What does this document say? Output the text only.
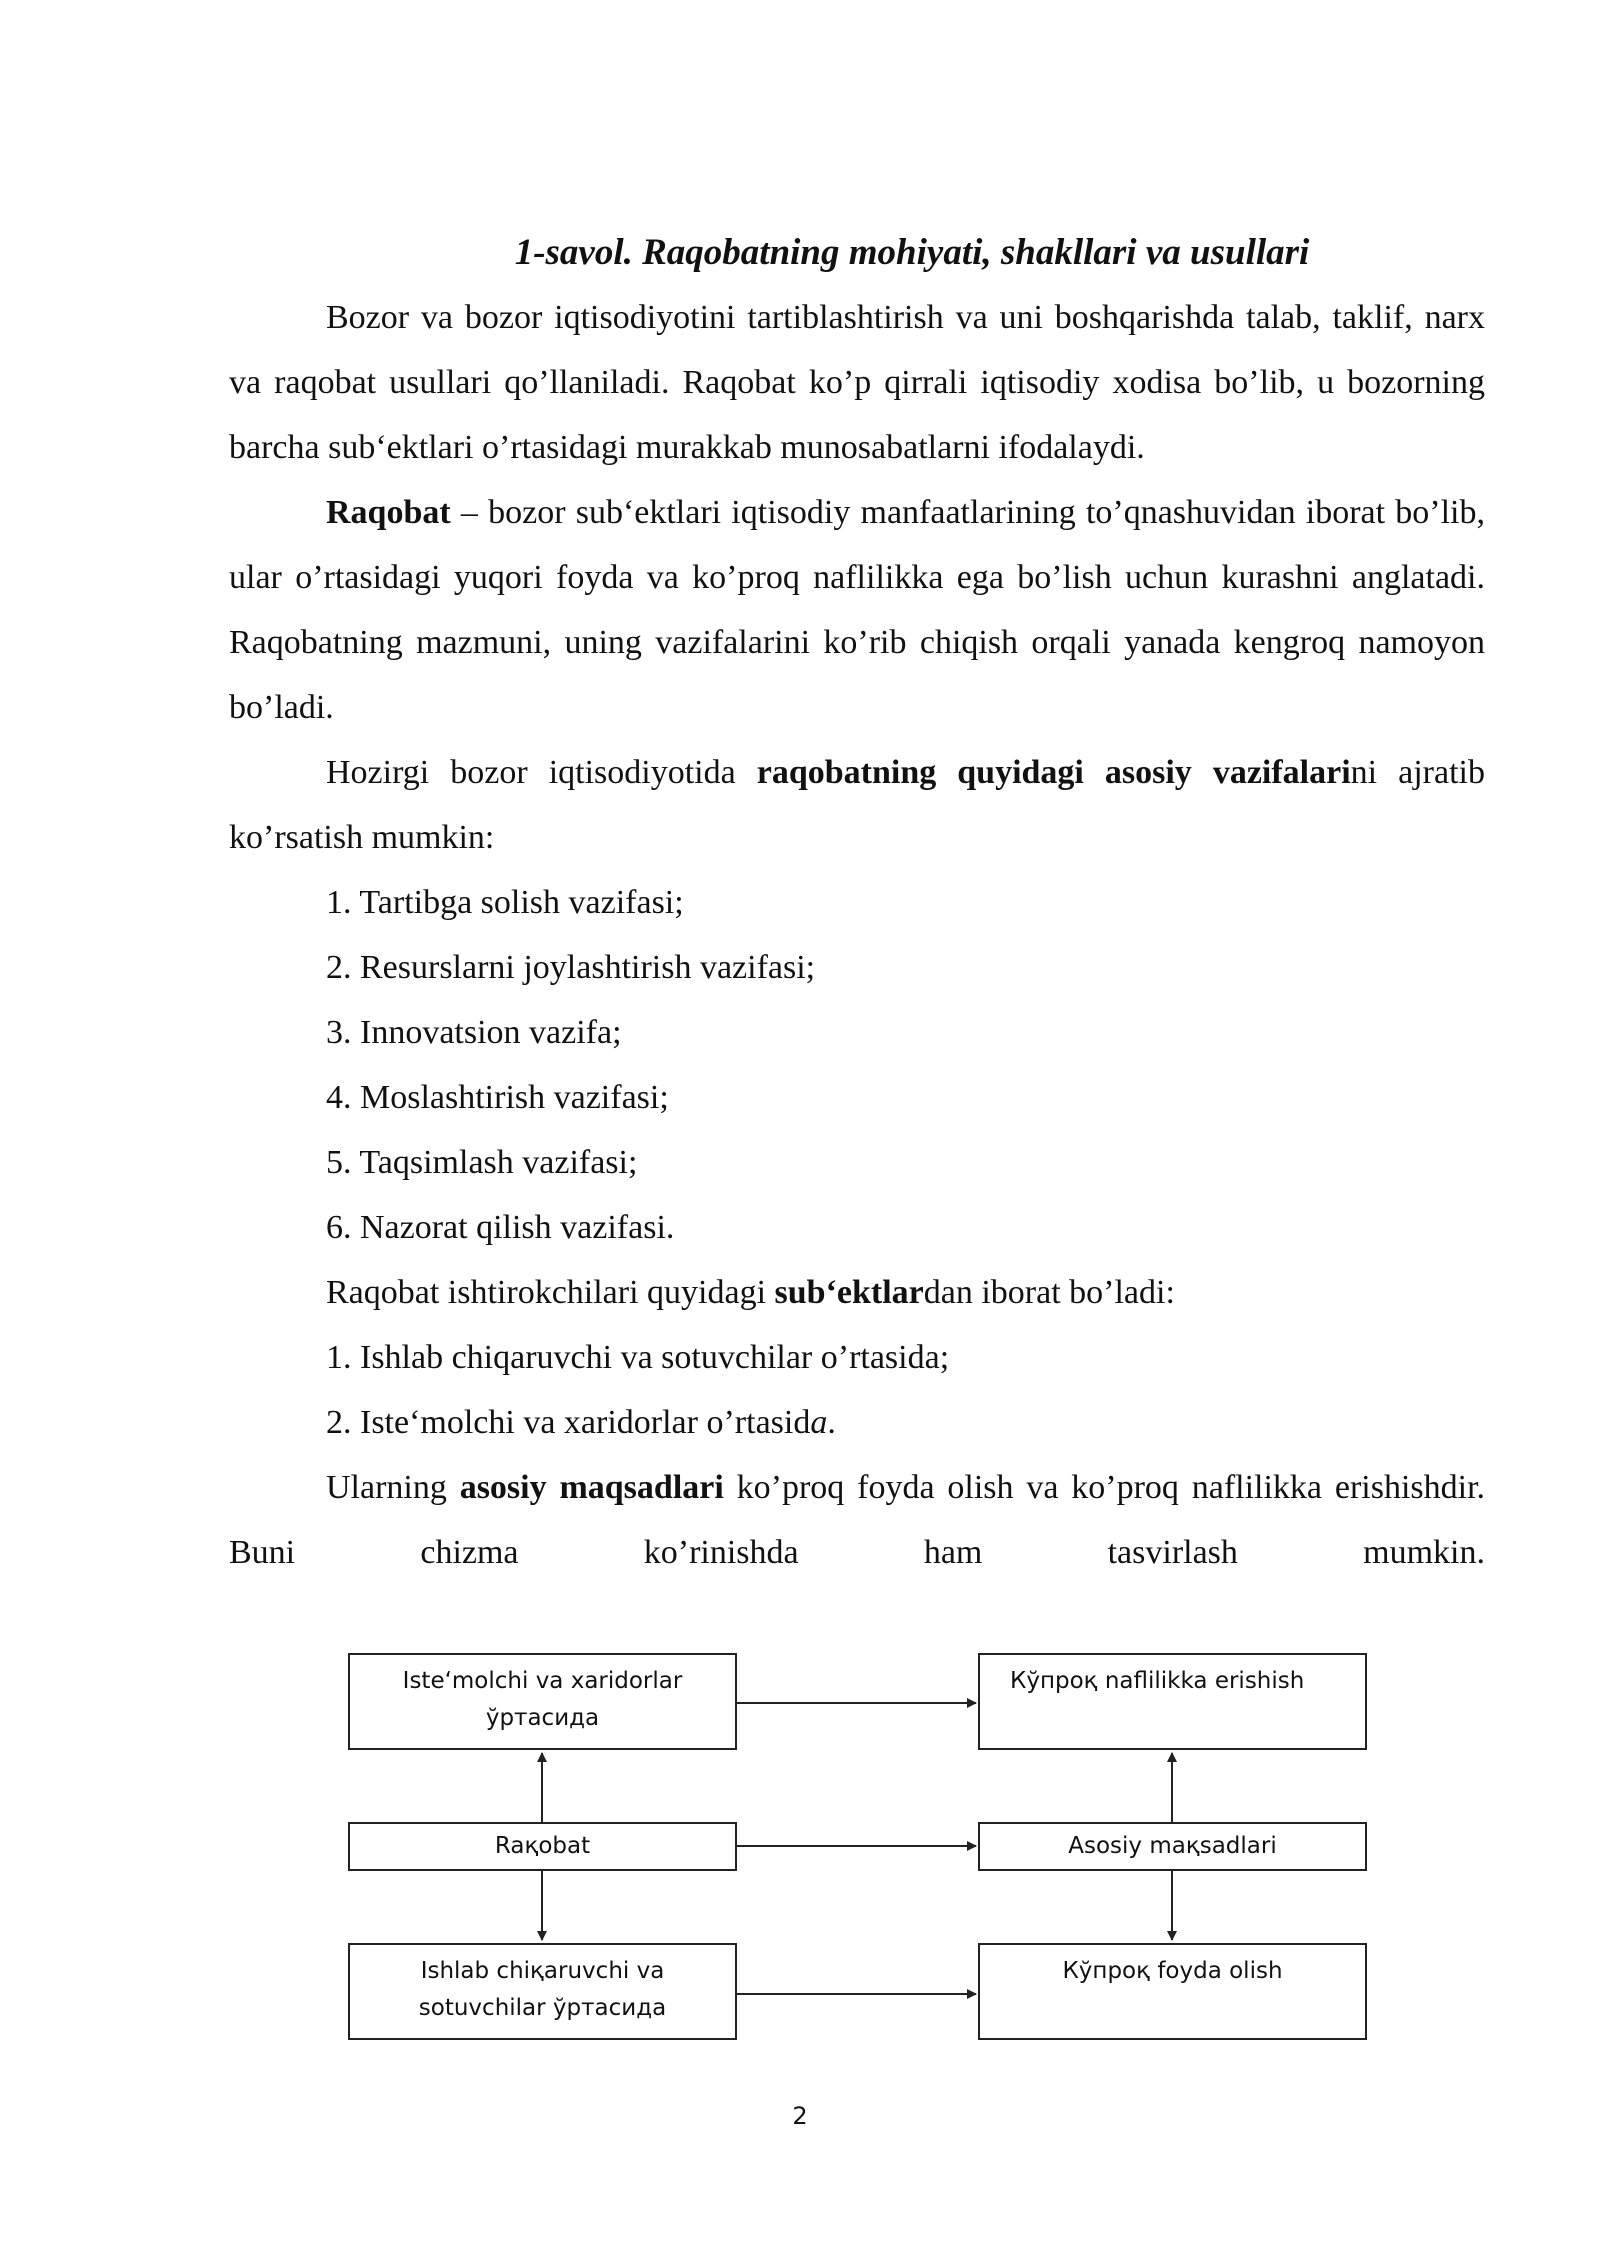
1-savol. Raqobatning mohiyati, shakllari va usullari

Bozor va bozor iqtisodiyotini tartiblashtirish va uni boshqarishda talab, taklif, narx va raqobat usullari qo’llaniladi. Raqobat ko’p qirrali iqtisodiy xodisa bo’lib, u bozorning barcha sub‘ektlari o’rtasidagi murakkab munosabatlarni ifodalaydi.

Raqobat – bozor sub‘ektlari iqtisodiy manfaatlarining to’qnashuvidan iborat bo’lib, ular o’rtasidagi yuqori foyda va ko’proq naflilikka ega bo’lish uchun kurashni anglatadi. Raqobatning mazmuni, uning vazifalarini ko’rib chiqish orqali yanada kengroq namoyon bo’ladi.

Hozirgi bozor iqtisodiyotida raqobatning quyidagi asosiy vazifalarini ajratib ko’rsatish mumkin:

1. Tartibga solish vazifasi;

2. Resurslarni joylashtirish vazifasi;

3. Innovatsion vazifa;

4. Moslashtirish vazifasi;

5. Taqsimlash vazifasi;

6. Nazorat qilish vazifasi.

Raqobat ishtirokchilari quyidagi sub‘ektlardan iborat bo’ladi:

1. Ishlab chiqaruvchi va sotuvchilar o’rtasida;

2. Iste‘molchi va xaridorlar o’rtasida.

Ularning asosiy maqsadlari ko’proq foyda olish va ko’proq naflilikka erishishdir. Buni chizma ko’rinishda ham tasvirlash mumkin.

Iste‘molchi va xaridorlar
ўртасида
Кўпроқ naflilikka erishish
Raқobat	Asosiy maқsadlari
Ishlab chiқaruvchi va
sotuvchilar ўртасида
Кўпроқ foyda olish
2
